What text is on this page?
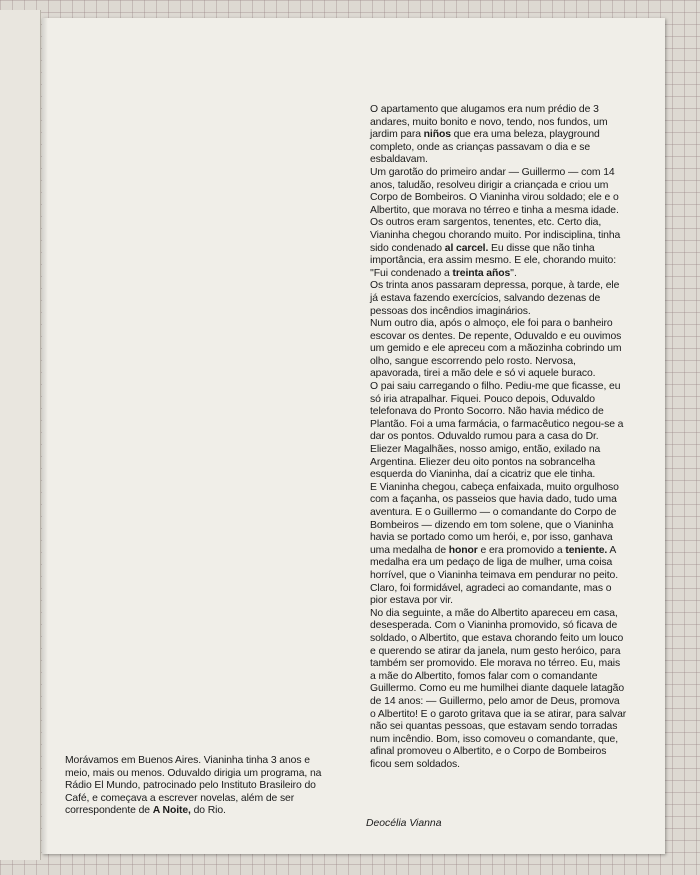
O apartamento que alugamos era num prédio de 3 andares, muito bonito e novo, tendo, nos fundos, um jardim para niños que era uma beleza, playground completo, onde as crianças passavam o dia e se esbaldavam.

Um garotão do primeiro andar — Guillermo — com 14 anos, taludão, resolveu dirigir a criançada e criou um Corpo de Bombeiros. O Vianinha virou soldado; ele e o Albertito, que morava no térreo e tinha a mesma idade. Os outros eram sargentos, tenentes, etc. Certo dia, Vianinha chegou chorando muito. Por indisciplina, tinha sido condenado al carcel. Eu disse que não tinha importância, era assim mesmo. E ele, chorando muito: ''Fui condenado a treinta años''.

Os trinta anos passaram depressa, porque, à tarde, ele já estava fazendo exercícios, salvando dezenas de pessoas dos incêndios imaginários.

Num outro dia, após o almoço, ele foi para o banheiro escovar os dentes. De repente, Oduvaldo e eu ouvimos um gemido e ele apreceu com a mãozinha cobrindo um olho, sangue escorrendo pelo rosto. Nervosa, apavorada, tirei a mão dele e só vi aquele buraco.

O pai saiu carregando o filho. Pediu-me que ficasse, eu só iria atrapalhar. Fiquei. Pouco depois, Oduvaldo telefonava do Pronto Socorro. Não havia médico de Plantão. Foi a uma farmácia, o farmacêutico negou-se a dar os pontos. Oduvaldo rumou para a casa do Dr. Eliezer Magalhães, nosso amigo, então, exilado na Argentina. Eliezer deu oito pontos na sobrancelha esquerda do Vianinha, daí a cicatriz que ele tinha.

E Vianinha chegou, cabeça enfaixada, muito orgulhoso com a façanha, os passeios que havia dado, tudo uma aventura. E o Guillermo — o comandante do Corpo de Bombeiros — dizendo em tom solene, que o Vianinha havia se portado como um herói, e, por isso, ganhava uma medalha de honor e era promovido a teniente. A medalha era um pedaço de liga de mulher, uma coisa horrível, que o Vianinha teimava em pendurar no peito. Claro, foi formidável, agradeci ao comandante, mas o pior estava por vir.

No dia seguinte, a mãe do Albertito apareceu em casa, desesperada. Com o Vianinha promovido, só ficava de soldado, o Albertito, que estava chorando feito um louco e querendo se atirar da janela, num gesto heróico, para também ser promovido. Ele morava no térreo. Eu, mais a mãe do Albertito, fomos falar com o comandante Guillermo. Como eu me humilhei diante daquele latagão de 14 anos: — Guillermo, pelo amor de Deus, promova o Albertito! E o garoto gritava que ia se atirar, para salvar não sei quantas pessoas, que estavam sendo torradas num incêndio. Bom, isso comoveu o comandante, que, afinal promoveu o Albertito, e o Corpo de Bombeiros ficou sem soldados.

Deocélia Vianna
Morávamos em Buenos Aires. Vianinha tinha 3 anos e meio, mais ou menos. Oduvaldo dirigia um programa, na Rádio El Mundo, patrocinado pelo Instituto Brasileiro do Café, e começava a escrever novelas, além de ser correspondente de A Noite, do Rio.
